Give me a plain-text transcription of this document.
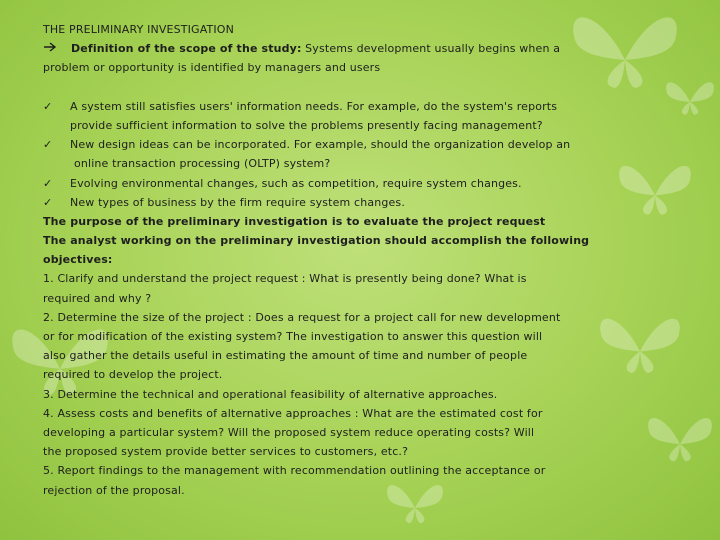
THE PRELIMINARY INVESTIGATION
Definition of the scope of the study: Systems development usually begins when a
problem or opportunity is identified by managers and users
✓	A system still satisfies users' information needs. For example, do the system's reports
provide sufficient information to solve the problems presently facing management?
✓	New design ideas can be incorporated. For example, should the organization develop an
online transaction processing (OLTP) system?
✓	Evolving environmental changes, such as competition, require system changes.
✓	New types of business by the firm require system changes.
The purpose of the preliminary investigation is to evaluate the project request
The analyst working on the preliminary investigation should accomplish the following
objectives:
1. Clarify and understand the project request : What is presently being done? What is
required and why ?
2. Determine the size of the project : Does a request for a project call for new development
or for modification of the existing system? The investigation to answer this question will
also gather the details useful in estimating the amount of time and number of people
required to develop the project.
3. Determine the technical and operational feasibility of alternative approaches.
4. Assess costs and benefits of alternative approaches : What are the estimated cost for
developing a particular system? Will the proposed system reduce operating costs? Will
the proposed system provide better services to customers, etc.?
5. Report findings to the management with recommendation outlining the acceptance or
rejection of the proposal.
